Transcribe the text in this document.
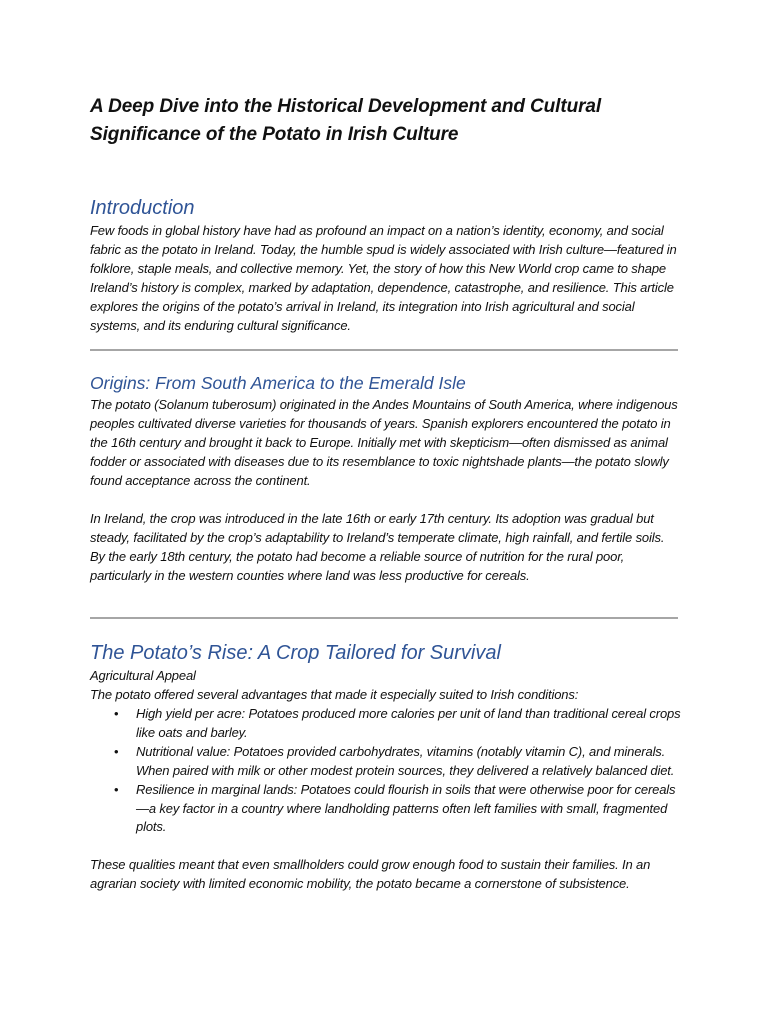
A Deep Dive into the Historical Development and Cultural Significance of the Potato in Irish Culture
Introduction

Few foods in global history have had as profound an impact on a nation’s identity, economy, and social fabric as the potato in Ireland. Today, the humble spud is widely associated with Irish culture—featured in folklore, staple meals, and collective memory. Yet, the story of how this New World crop came to shape Ireland’s history is complex, marked by adaptation, dependence, catastrophe, and resilience. This article explores the origins of the potato’s arrival in Ireland, its integration into Irish agricultural and social systems, and its enduring cultural significance.

Origins: From South America to the Emerald Isle

The potato (Solanum tuberosum) originated in the Andes Mountains of South America, where indigenous peoples cultivated diverse varieties for thousands of years. Spanish explorers encountered the potato in the 16th century and brought it back to Europe. Initially met with skepticism—often dismissed as animal fodder or associated with diseases due to its resemblance to toxic nightshade plants—the potato slowly found acceptance across the continent.

In Ireland, the crop was introduced in the late 16th or early 17th century. Its adoption was gradual but steady, facilitated by the crop’s adaptability to Ireland’s temperate climate, high rainfall, and fertile soils. By the early 18th century, the potato had become a reliable source of nutrition for the rural poor, particularly in the western counties where land was less productive for cereals.

The Potato’s Rise: A Crop Tailored for Survival

Agricultural Appeal

The potato offered several advantages that made it especially suited to Irish conditions:

• High yield per acre: Potatoes produced more calories per unit of land than traditional cereal crops like oats and barley.
• Nutritional value: Potatoes provided carbohydrates, vitamins (notably vitamin C), and minerals. When paired with milk or other modest protein sources, they delivered a relatively balanced diet.
• Resilience in marginal lands: Potatoes could flourish in soils that were otherwise poor for cereals—a key factor in a country where landholding patterns often left families with small, fragmented plots.

These qualities meant that even smallholders could grow enough food to sustain their families. In an agrarian society with limited economic mobility, the potato became a cornerstone of subsistence.
